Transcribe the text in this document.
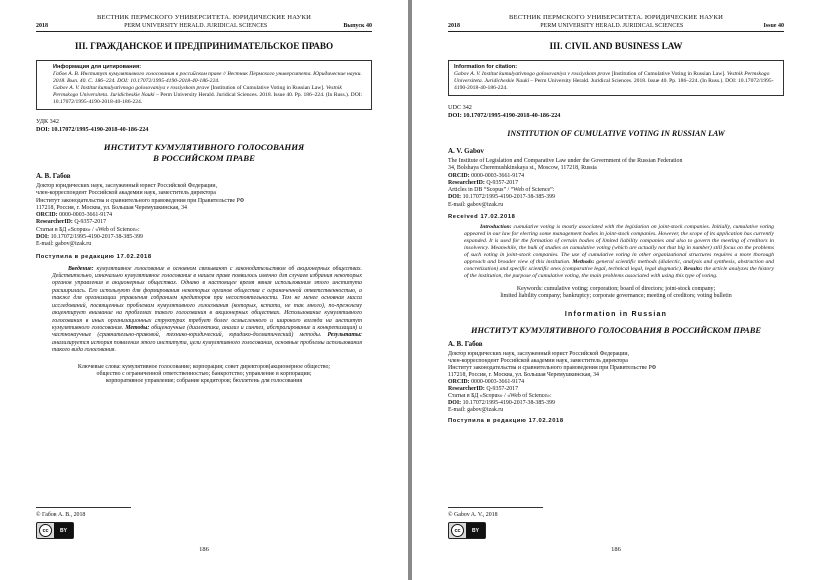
ВЕСТНИК ПЕРМСКОГО УНИВЕРСИТЕТА. ЮРИДИЧЕСКИЕ НАУКИ
2018	PERM UNIVERSITY HERALD. JURIDICAL SCIENCES	Выпуск 40
III. ГРАЖДАНСКОЕ И ПРЕДПРИНИМАТЕЛЬСКОЕ ПРАВО
Информация для цитирования:
Габов А. В. Институт кумулятивного голосования в российском праве // Вестник Пермского университета. Юридические науки. 2018. Вып. 40. C. 186–224. DOI: 10.17072/1995-4190-2018-40-186-224.
Gabov A. V. Institut kumulyativnogo golosovaniya v rossiyskom prave [Institution of Cumulative Voting in Russian Law]. Vestnik Permskogo Universiteta. Juridicheskie Nauki – Perm University Herald. Juridical Sciences. 2018. Issue 40. Pp. 186–224. (In Russ.). DOI: 10.17072/1995-4190-2018-40-186-224.
УДК 342
DOI: 10.17072/1995-4190-2018-40-186-224
ИНСТИТУТ КУМУЛЯТИВНОГО ГОЛОСОВАНИЯ
В РОССИЙСКОМ ПРАВЕ
А. В. Габов
Доктор юридических наук, заслуженный юрист Российской Федерации,
член-корреспондент Российской академии наук, заместитель директора
Институт законодательства и сравнительного правоведения при Правительстве РФ
117218, Россия, г. Москва, ул. Большая Черемушкинская, 34
ORCID: 0000-0003-3661-9174
ResearcherID: Q-9357-2017
Статьи в БД «Scopus» / «Web of Science»:
DOI: 10.17072/1995-4190-2017-38-385-399
E-mail: gabov@izak.ru
Поступила в редакцию 17.02.2018
Введение: кумулятивное голосование в основном связывают с законодательством об акционерных обществах. Действительно, изначально кумулятивное голосование в нашем праве появилось именно для случаев избрания некоторых органов управления в акционерных обществах. Однако в настоящее время явная использования этого института расширилась. Его используют для формирования некоторых органов общества с ограниченной ответственностью, а также для организации управления собранием кредиторов при несостоятельности. Тем не менее основная масса исследований, посвященных проблемам кумулятивного голосования (которых, кстати, не так много), по-прежнему акцентирует внимание на проблемах такого голосования в акционерных обществах. Использование кумулятивного голосования в иных организационных структурах требует более осмысленного и широкого взгляда на институт кумулятивного голосования. Методы: общенаучные (диалектика, анализ и синтез, абстрагирование и конкретизация) и частнонаучные (сравнительно-правовой, технико-юридический, юридико-догматический) методы. Результаты: анализируется история появления этого института, цели кумулятивного голосования, основные проблемы использования такого вида голосования.
Ключевые слова: кумулятивное голосование; корпорация; совет директоров(акционерное общество;
общество с ограниченной ответственностью; банкротство; управление в корпорации;
корпоративное управление; собрание кредиторов; бюллетень для голосования
© Габов А. В., 2018
cc	BY
186
ВЕСТНИК ПЕРМСКОГО УНИВЕРСИТЕТА. ЮРИДИЧЕСКИЕ НАУКИ
2018	PERM UNIVERSITY HERALD. JURIDICAL SCIENCES	Issue 40
III. CIVIL AND BUSINESS LAW
Information for citation:
Gabov A. V. Institut kumulyativnogo golosovaniya v rossiyskom prave [Institution of Cumulative Voting in Russian Law]. Vestnik Permskogo Universiteta. Juridicheskie Nauki – Perm University Herald. Juridical Sciences. 2018. Issue 40. Pp. 186–224. (In Russ.). DOI: 10.17072/1995-4190-2018-40-186-224.
UDC 342
DOI: 10.17072/1995-4190-2018-40-186-224
INSTITUTION OF CUMULATIVE VOTING IN RUSSIAN LAW
A. V. Gabov
The Institute of Legislation and Comparative Law under the Government of the Russian Federation
34, Bolshaya Cheremushkinskaya st., Moscow, 117218, Russia
ORCID: 0000-0003-3661-9174
ResearcherID: Q-9357-2017
Articles in DB “Scopus” / “Web of Science”:
DOI: 10.17072/1995-4190-2017-38-385-399
E-mail: gabov@izak.ru
Received 17.02.2018
Introduction: cumulative voting is mostly associated with the legislation on joint-stock companies. Initially, cumulative voting appeared in our law for electing some management bodies in joint-stock companies. However, the scope of its application has currently expanded. It is used for the formation of certain bodies of limited liability companies and also to govern the meeting of creditors in insolvency. Meanwhile, the bulk of studies on cumulative voting (which are actually not that big in number) still focus on the problems of such voting in joint-stock companies. The use of cumulative voting in other organizational structures requires a more thorough approach and broader view of this institution. Methods: general scientific methods (dialectic, analysis and synthesis, abstraction and concretization) and specific scientific ones (comparative legal, technical legal, legal dogmatic). Results: the article analyzes the history of the institution, the purpose of cumulative voting, the main problems associated with using this type of voting.
Keywords: cumulative voting; corporation; board of directors; joint-stock company;
limited liability company; bankruptcy; corporate governance; meeting of creditors; voting bulletin
Information in Russian
ИНСТИТУТ КУМУЛЯТИВНОГО ГОЛОСОВАНИЯ В РОССИЙСКОМ ПРАВЕ
А. В. Габов
Доктор юридических наук, заслуженный юрист Российской Федерации,
член-корреспондент Российской академии наук, заместитель директора
Институт законодательства и сравнительного правоведения при Правительстве РФ
117218, Россия, г. Москва, ул. Большая Черемушкинская, 34
ORCID: 0000-0003-3661-9174
ResearcherID: Q-9357-2017
Статьи в БД «Scopus» / «Web of Science»:
DOI: 10.17072/1995-4190-2017-38-385-399
E-mail: gabov@izak.ru
Поступила в редакцию 17.02.2018
© Gabov A. V., 2018
cc	BY
186
